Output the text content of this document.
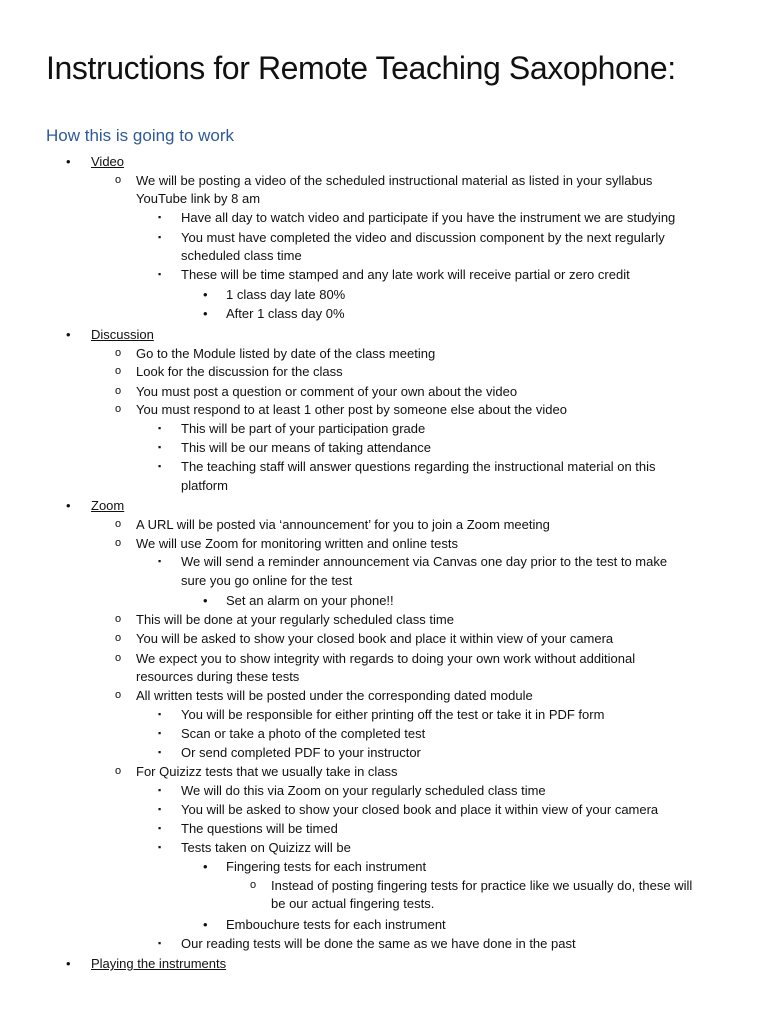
Instructions for Remote Teaching Saxophone:
How this is going to work
• Video
o We will be posting a video of the scheduled instructional material as listed in your syllabus
YouTube link by 8 am
▪ Have all day to watch video and participate if you have the instrument we are studying
▪ You must have completed the video and discussion component by the next regularly
scheduled class time
▪ These will be time stamped and any late work will receive partial or zero credit
• 1 class day late 80%
• After 1 class day 0%
• Discussion
o Go to the Module listed by date of the class meeting
o Look for the discussion for the class
o You must post a question or comment of your own about the video
o You must respond to at least 1 other post by someone else about the video
▪ This will be part of your participation grade
▪ This will be our means of taking attendance
▪ The teaching staff will answer questions regarding the instructional material on this
platform
• Zoom
o A URL will be posted via ‘announcement’ for you to join a Zoom meeting
o We will use Zoom for monitoring written and online tests
▪ We will send a reminder announcement via Canvas one day prior to the test to make
sure you go online for the test
• Set an alarm on your phone!!
o This will be done at your regularly scheduled class time
o You will be asked to show your closed book and place it within view of your camera
o We expect you to show integrity with regards to doing your own work without additional
resources during these tests
o All written tests will be posted under the corresponding dated module
▪ You will be responsible for either printing off the test or take it in PDF form
▪ Scan or take a photo of the completed test
▪ Or send completed PDF to your instructor
o For Quizizz tests that we usually take in class
▪ We will do this via Zoom on your regularly scheduled class time
▪ You will be asked to show your closed book and place it within view of your camera
▪ The questions will be timed
▪ Tests taken on Quizizz will be
• Fingering tests for each instrument
o Instead of posting fingering tests for practice like we usually do, these will
be our actual fingering tests.
• Embouchure tests for each instrument
▪ Our reading tests will be done the same as we have done in the past
• Playing the instruments
